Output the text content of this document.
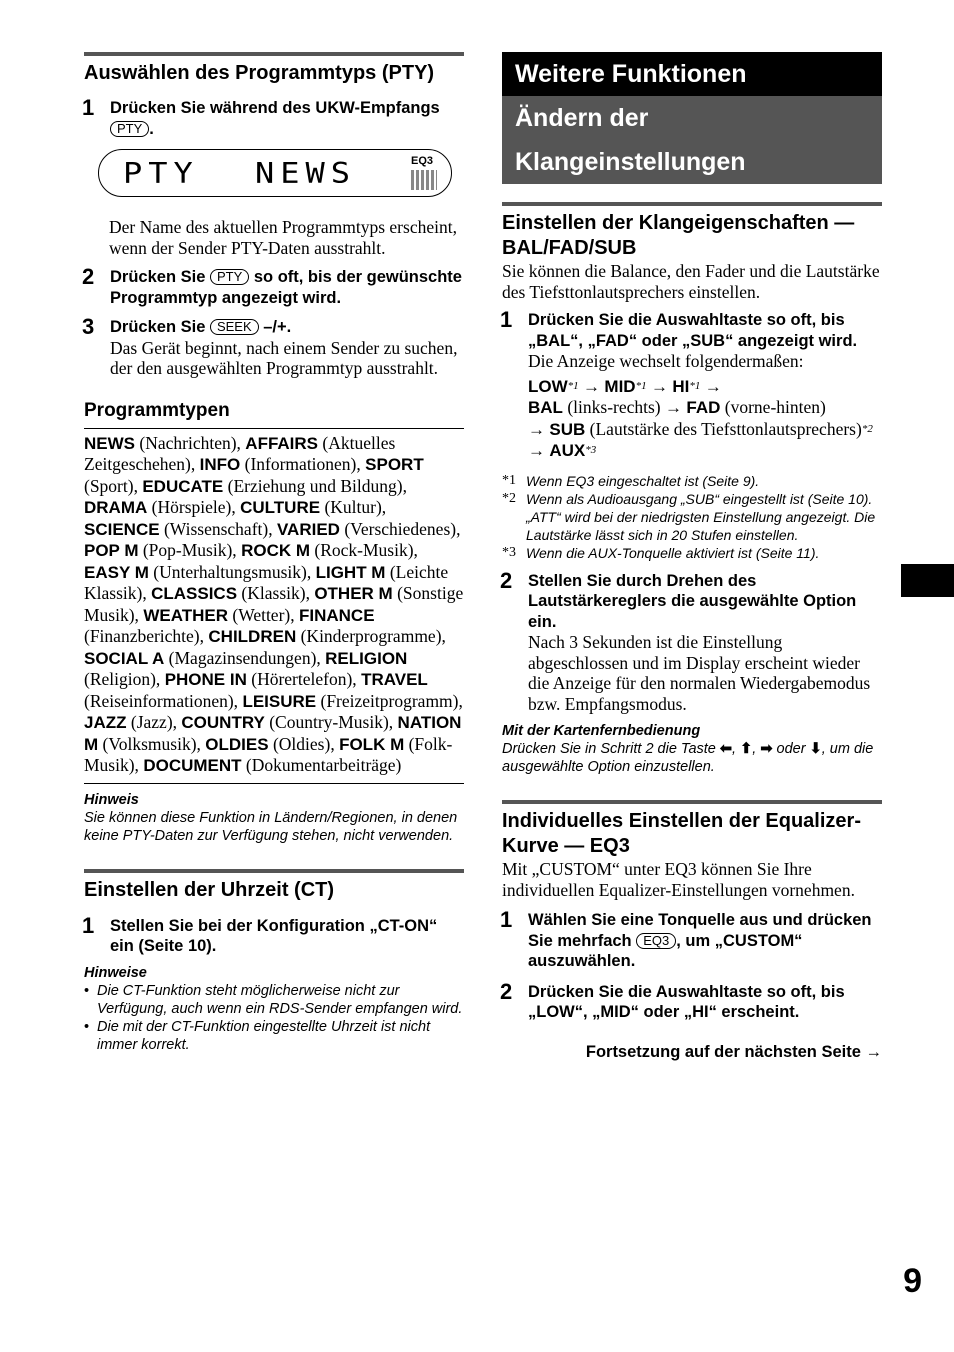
Auswählen des Programmtyps (PTY)
1 Drücken Sie während des UKW-Empfangs PTY .
PTY NEWS	EQ3

Der Name des aktuellen Programmtyps erscheint, wenn der Sender PTY-Daten ausstrahlt.

2 Drücken Sie PTY so oft, bis der gewünschte Programmtyp angezeigt wird.
3 Drücken Sie SEEK –/+.

Das Gerät beginnt, nach einem Sender zu suchen, der den ausgewählten Programmtyp ausstrahlt.

Programmtypen

NEWS (Nachrichten), AFFAIRS (Aktuelles Zeitgeschehen), INFO (Informationen), SPORT (Sport), EDUCATE (Erziehung und Bildung), DRAMA (Hörspiele), CULTURE (Kultur), SCIENCE (Wissenschaft), VARIED (Verschiedenes), POP M (Pop-Musik), ROCK M (Rock-Musik), EASY M (Unterhaltungsmusik), LIGHT M (Leichte Klassik), CLASSICS (Klassik), OTHER M (Sonstige Musik), WEATHER (Wetter), FINANCE (Finanzberichte), CHILDREN (Kinderprogramme), SOCIAL A (Magazinsendungen), RELIGION (Religion), PHONE IN (Hörertelefon), TRAVEL (Reiseinformationen), LEISURE (Freizeitprogramm), JAZZ (Jazz), COUNTRY (Country-Musik), NATION M (Volksmusik), OLDIES (Oldies), FOLK M (Folk-Musik), DOCUMENT (Dokumentarbeiträge)

Hinweis

Sie können diese Funktion in Ländern/Regionen, in denen keine PTY-Daten zur Verfügung stehen, nicht verwenden.

Einstellen der Uhrzeit (CT)
1 Stellen Sie bei der Konfiguration „CT-ON“ ein (Seite 10).

Hinweise

• Die CT-Funktion steht möglicherweise nicht zur Verfügung, auch wenn ein RDS-Sender empfangen wird.

• Die mit der CT-Funktion eingestellte Uhrzeit ist nicht immer korrekt.

Weitere Funktionen
Ändern der Klangeinstellungen
Einstellen der Klangeigenschaften — BAL/FAD/SUB

Sie können die Balance, den Fader und die Lautstärke des Tiefsttonlautsprechers einstellen.

1 Drücken Sie die Auswahltaste so oft, bis „BAL“, „FAD“ oder „SUB“ angezeigt wird.

Die Anzeige wechselt folgendermaßen:

$LOW^{*1} \to MID^{*1} \to HI^{*1}$ →
BAL (links-rechts) → FAD (vorne-hinten)
→ SUB (Lautstärke des Tiefsttonlautsprechers)$^{*2}$ → $AUX^{*3}$

*1 Wenn EQ3 eingeschaltet ist (Seite 9).

*2 Wenn als Audioausgang „SUB“ eingestellt ist (Seite 10).
„ATT“ wird bei der niedrigsten Einstellung angezeigt. Die Lautstärke lässt sich in 20 Stufen einstellen.

*3 Wenn die AUX-Tonquelle aktiviert ist (Seite 11).

2 Stellen Sie durch Drehen des Lautstärkereglers die ausgewählte Option ein.

Nach 3 Sekunden ist die Einstellung abgeschlossen und im Display erscheint wieder die Anzeige für den normalen Wiedergabemodus bzw. Empfangsmodus.

Mit der Kartenfernbedienung

Drücken Sie in Schritt 2 die Taste ⬅, ⬆, ➡ oder ⬇, um die ausgewählte Option einzustellen.

Individuelles Einstellen der Equalizer-Kurve — EQ3

Mit „CUSTOM“ unter EQ3 können Sie Ihre individuellen Equalizer-Einstellungen vornehmen.

1 Wählen Sie eine Tonquelle aus und drücken Sie mehrfach EQ3 , um „CUSTOM“ auszuwählen.
2 Drücken Sie die Auswahltaste so oft, bis „LOW“, „MID“ oder „HI“ erscheint.

Fortsetzung auf der nächsten Seite →

9
